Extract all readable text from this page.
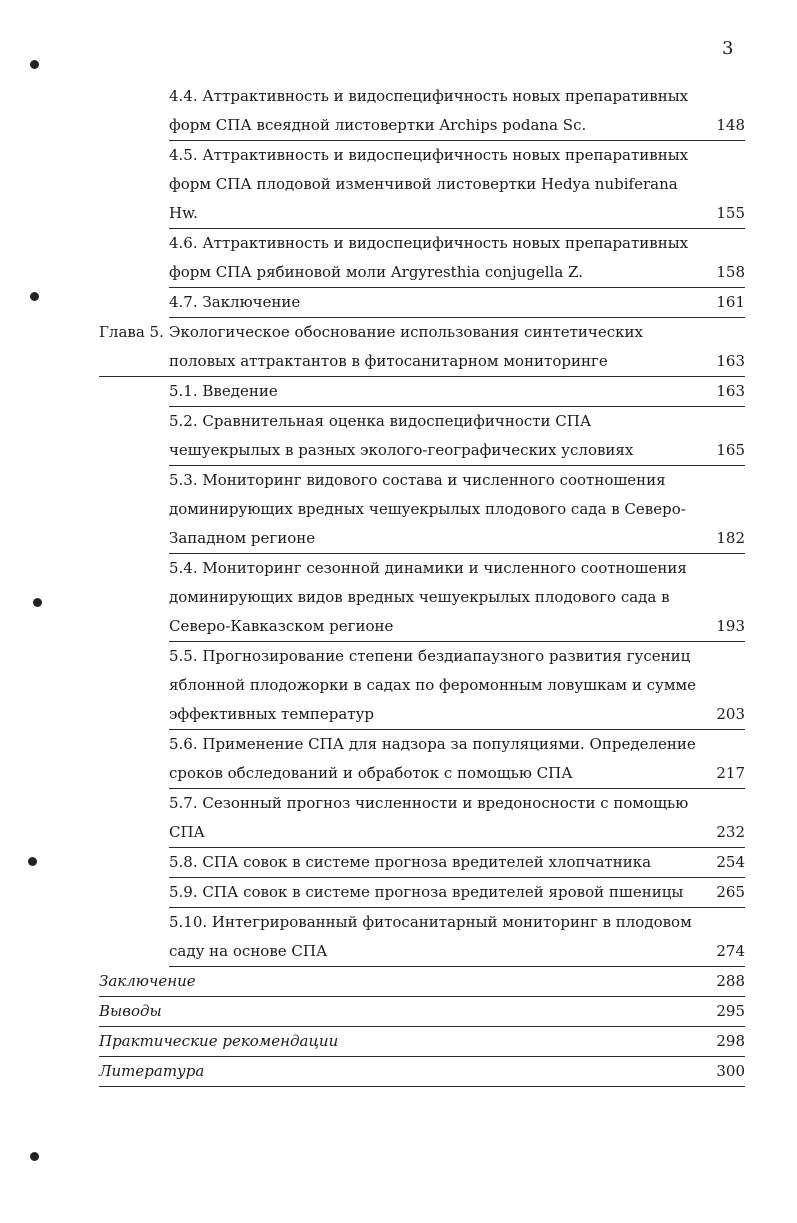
3
4.4. Аттрактивность и видоспецифичность новых препаративных форм СПА всеядной листовертки Archips podana Sc.	148
4.5. Аттрактивность и видоспецифичность новых препаративных форм СПА плодовой изменчивой листовертки Hedya nubiferana Hw.	155
4.6. Аттрактивность и видоспецифичность новых препаративных форм СПА рябиновой моли Argyresthia conjugella Z.	158
4.7. Заключение	161
Глава 5. Экологическое обоснование использования синтетических половых аттрактантов в фитосанитарном мониторинге	163
5.1. Введение	163
5.2. Сравнительная оценка видоспецифичности СПА чешуекрылых в разных эколого-географических условиях	165
5.3. Мониторинг видового состава и численного соотношения доминирующих вредных чешуекрылых плодового сада в Северо-Западном регионе	182
5.4. Мониторинг сезонной динамики и численного соотношения доминирующих видов вредных чешуекрылых плодового сада в Северо-Кавказском регионе	193
5.5. Прогнозирование степени бездиапаузного развития гусениц яблонной плодожорки в садах по феромонным ловушкам и сумме эффективных температур	203
5.6. Применение СПА для надзора за популяциями. Определение сроков обследований и обработок с помощью СПА	217
5.7. Сезонный прогноз численности и вредоносности с помощью СПА	232
5.8. СПА совок в системе прогноза вредителей хлопчатника	254
5.9. СПА совок в системе прогноза вредителей яровой пшеницы	265
5.10. Интегрированный фитосанитарный мониторинг в плодовом саду на основе СПА	274
Заключение	288
Выводы	295
Практические рекомендации	298
Литература	300
